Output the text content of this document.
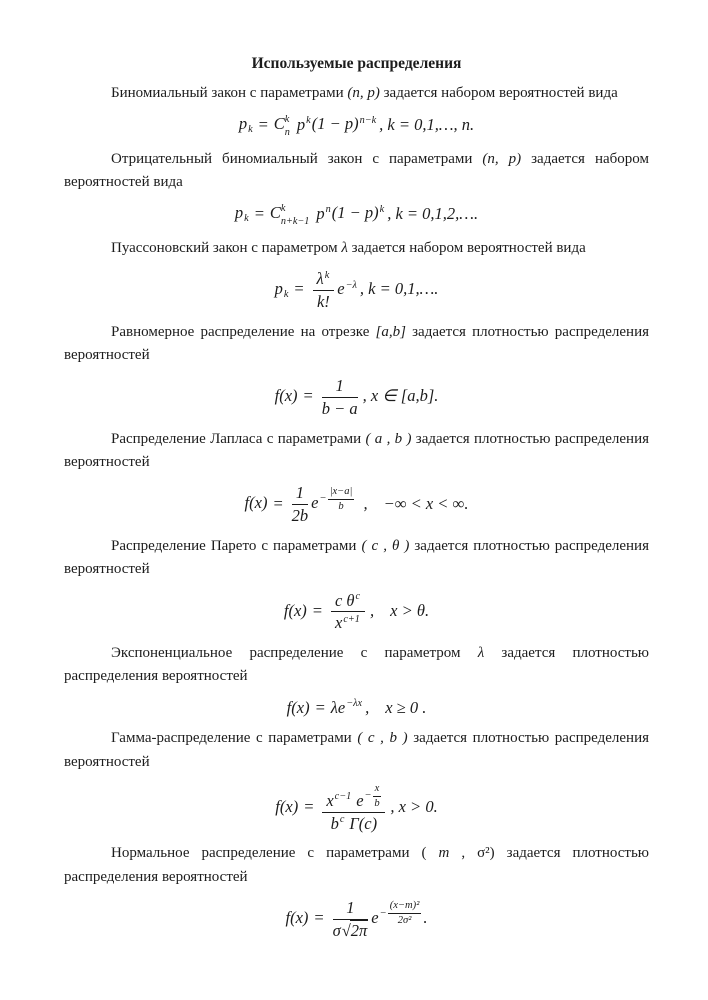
Используемые распределения

Биномиальный закон с параметрами (n, p) задается набором вероятностей вида

pk = C k
n $p^k(1 - p)^{n-k}$ , k = 0,1,…, n.

Отрицательный биномиальный закон с параметрами (n, p) задается набором вероятностей вида

pk = C k
n+k−1 $p^n(1 - p)^k$ , k = 0,1,2,….

Пуассоновский закон с параметром λ задается набором вероятностей вида

pk = $\frac{\lambda^k}{k!} e^{-\lambda}$ , k = 0,1,….

Равномерное распределение на отрезке [a,b] задается плотностью распределения вероятностей

$f(x) = \frac{1}{b - a}$ , x ∈ [a,b].

Распределение Лапласа с параметрами ( a , b ) задается плотностью распределения вероятностей

$f(x) = \frac{1}{2b}$ $e - \frac{|x-a|}{b}$ , −∞ < x < ∞.

Распределение Парето с параметрами ( c , θ ) задается плотностью распределения вероятностей

$f(x) = \frac{c \theta^c}{x^{c+1}}$ , x > θ.

Экспоненциальное распределение с параметром λ задается плотностью распределения вероятностей

$f(x) = \lambda e^{-\lambda x}$ , x ≥ 0 .

Гамма-распределение с параметрами ( c , b ) задается плотностью распределения вероятностей

$f(x) = \frac{x^{c-1} e - \frac{x}{b}}{b^c \Gamma(c)}$ , x > 0.

Нормальное распределение с параметрами ( m , σ²) задается плотностью распределения вероятностей

$f(x) = \frac{1}{\sigma√2\pi}$ $e - \frac{\text{(x−m)²}}{\text{2σ²}}$ .
